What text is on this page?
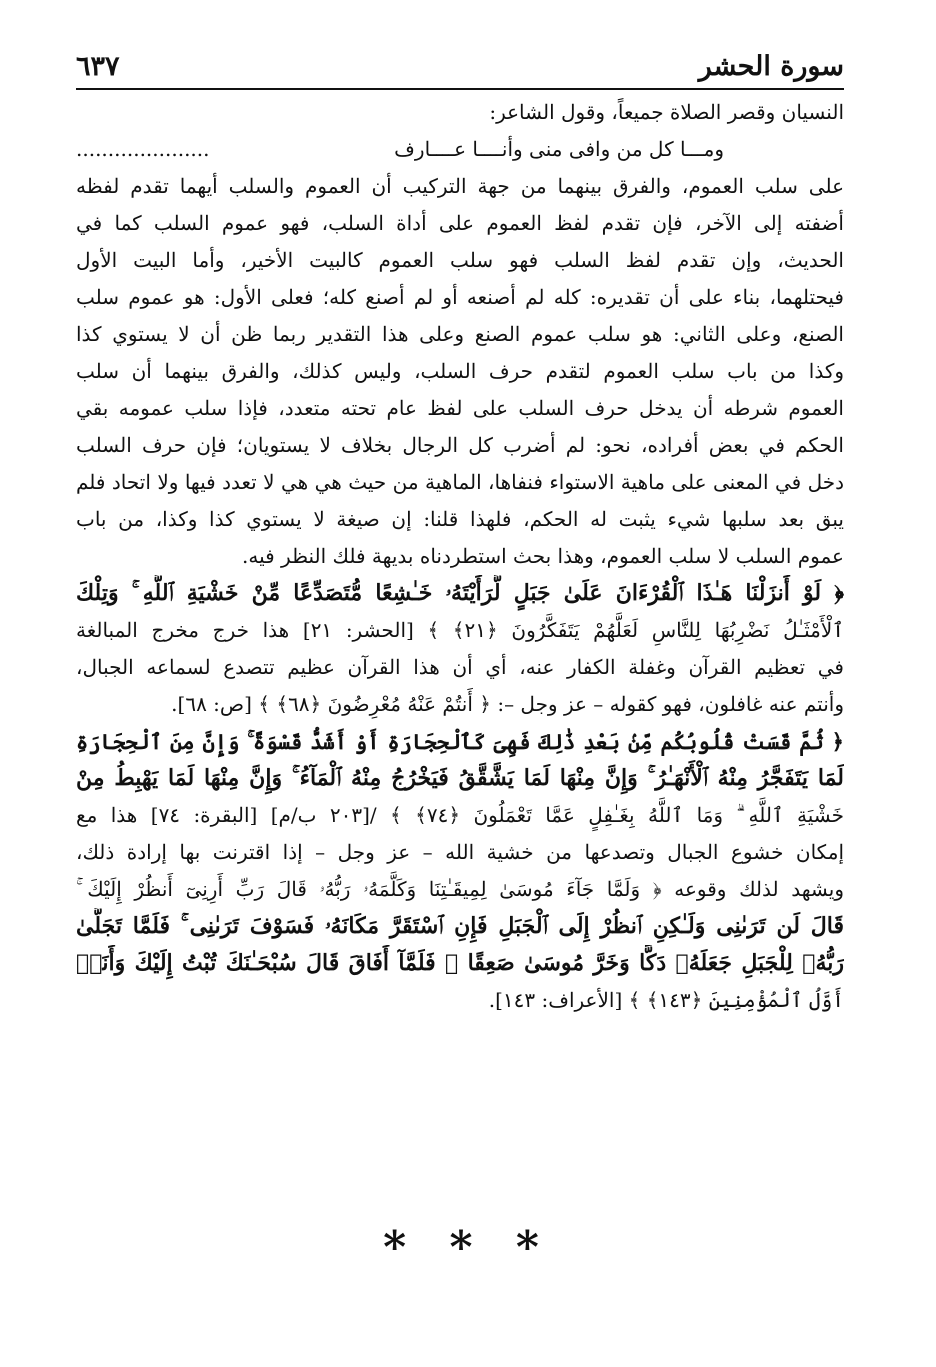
سورة الحشر
٦٣٧
النسيان وقصر الصلاة جميعاً، وقول الشاعر:
ومـــا كل من وافى منى وأنــــا عــــارف
.....................
على سلب العموم، والفرق بينهما من جهة التركيب أن العموم والسلب أيهما تقدم لفظه
أضفته إلى الآخر، فإن تقدم لفظ العموم على أداة السلب، فهو عموم السلب كما في
الحديث، وإن تقدم لفظ السلب فهو سلب العموم كالبيت الأخير، وأما البيت الأول
فيحتلهما، بناء على أن تقديره: كله لم أصنعه أو لم أصنع كله؛ فعلى الأول: هو عموم سلب
الصنع، وعلى الثاني: هو سلب عموم الصنع وعلى هذا التقدير ربما ظن أن لا يستوي كذا
وكذا من باب سلب العموم لتقدم حرف السلب، وليس كذلك، والفرق بينهما أن سلب
العموم شرطه أن يدخل حرف السلب على لفظ عام تحته متعدد، فإذا سلب عمومه بقي
الحكم في بعض أفراده، نحو: لم أضرب كل الرجال بخلاف لا يستويان؛ فإن حرف السلب
دخل في المعنى على ماهية الاستواء فنفاها، الماهية من حيث هي هي لا تعدد فيها ولا اتحاد فلم
يبق بعد سلبها شيء يثبت له الحكم، فلهذا قلنا: إن صيغة لا يستوي كذا وكذا، من باب
عموم السلب لا سلب العموم، وهذا بحث استطردناه بديهة فلك النظر فيه.
﴿ لَوْ أَنزَلْنَا هَـٰذَا ٱلْقُرْءَانَ عَلَىٰ جَبَلٍ لَّرَأَيْتَهُۥ خَـٰشِعًا مُّتَصَدِّعًا مِّنْ خَشْيَةِ ٱللَّهِ ۚ وَتِلْكَ
ٱلْأَمْثَـٰلُ نَضْرِبُهَا لِلنَّاسِ لَعَلَّهُمْ يَتَفَكَّرُونَ ﴿٢١﴾ ﴾ [الحشر: ٢١] هذا خرج مخرج المبالغة
في تعظيم القرآن وغفلة الكفار عنه، أي أن هذا القرآن عظيم تتصدع لسماعه الجبال،
وأنتم عنه غافلون، فهو كقوله – عز وجل –: ﴿ أَنتُمْ عَنْهُ مُعْرِضُونَ ﴿٦٨﴾ ﴾ [ص: ٦٨].
﴿ ثُمَّ قَسَتْ قُلُوبُكُم مِّنۢ بَعْدِ ذَٰلِكَ فَهِىَ كَٱلْحِجَارَةِ أَوْ أَشَدُّ قَسْوَةً ۚ وَإِنَّ مِنَ ٱلْحِجَارَةِ
لَمَا يَتَفَجَّرُ مِنْهُ ٱلْأَنْهَـٰرُ ۚ وَإِنَّ مِنْهَا لَمَا يَشَّقَّقُ فَيَخْرُجُ مِنْهُ ٱلْمَآءُ ۚ وَإِنَّ مِنْهَا لَمَا يَهْبِطُ مِنْ
خَشْيَةِ ٱللَّهِ ۗ وَمَا ٱللَّهُ بِغَـٰفِلٍ عَمَّا تَعْمَلُونَ ﴿٧٤﴾ ﴾ /[٢٠٣ ب/م] [البقرة: ٧٤] هذا مع
إمكان خشوع الجبال وتصدعها من خشية الله – عز وجل – إذا اقترنت بها إرادة ذلك،
ويشهد لذلك وقوعه ﴿ وَلَمَّا جَآءَ مُوسَىٰ لِمِيقَـٰتِنَا وَكَلَّمَهُۥ رَبُّهُۥ قَالَ رَبِّ أَرِنِىٓ أَنظُرْ إِلَيْكَ ۚ
قَالَ لَن تَرَىٰنِى وَلَـٰكِنِ ٱنظُرْ إِلَى ٱلْجَبَلِ فَإِنِ ٱسْتَقَرَّ مَكَانَهُۥ فَسَوْفَ تَرَىٰنِى ۚ فَلَمَّا تَجَلَّىٰ
رَبُّهُۥ لِلْجَبَلِ جَعَلَهُۥ دَكًّا وَخَرَّ مُوسَىٰ صَعِقًا ۚ فَلَمَّآ أَفَاقَ قَالَ سُبْحَـٰنَكَ تُبْتُ إِلَيْكَ وَأَنَا۠
أَوَّلُ ٱلْمُؤْمِنِينَ ﴿١٤٣﴾ ﴾ [الأعراف: ١٤٣].
* * *
